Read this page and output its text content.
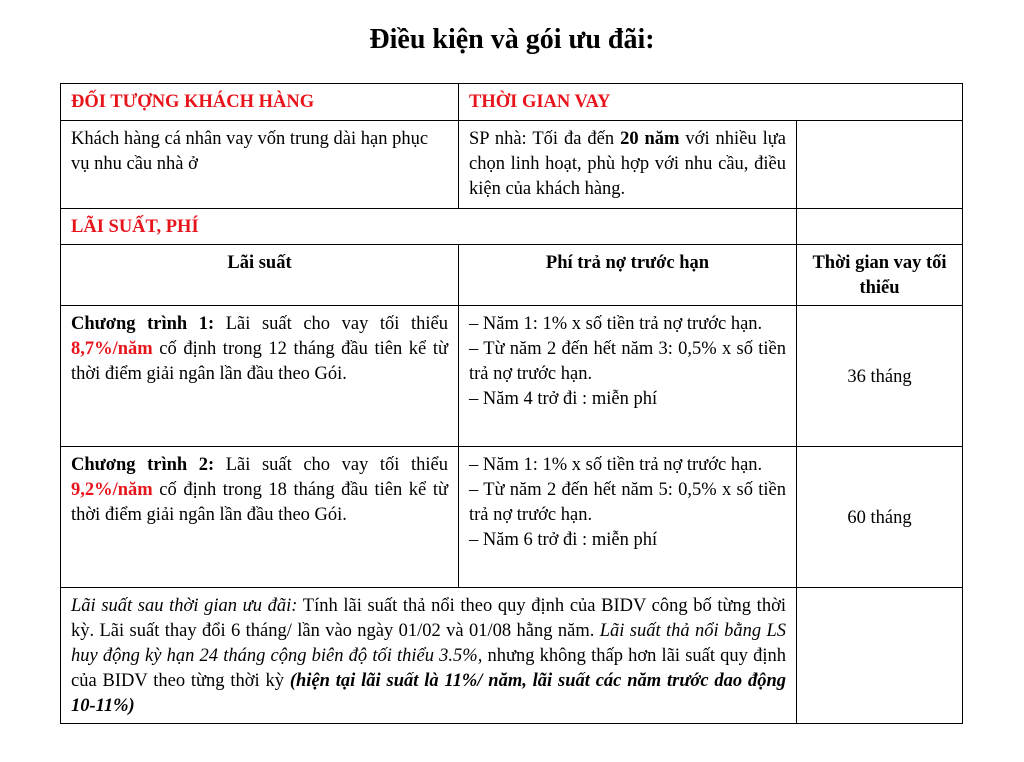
Điều kiện và gói ưu đãi:
ĐỐI TƯỢNG KHÁCH HÀNG	THỜI GIAN VAY	
Khách hàng cá nhân vay vốn trung dài hạn phục vụ nhu cầu nhà ở	SP nhà: Tối đa đến 20 năm với nhiều lựa chọn linh hoạt, phù hợp với nhu cầu, điều kiện của khách hàng.	
LÃI SUẤT, PHÍ		
Lãi suất	Phí trả nợ trước hạn	Thời gian vay tối thiểu
Chương trình 1: Lãi suất cho vay tối thiểu 8,7%/năm cố định trong 12 tháng đầu tiên kể từ thời điểm giải ngân lần đầu theo Gói.	– Năm 1: 1% x số tiền trả nợ trước hạn.
– Từ năm 2 đến hết năm 3: 0,5% x số tiền trả nợ trước hạn.
– Năm 4 trở đi : miễn phí	36 tháng
Chương trình 2: Lãi suất cho vay tối thiểu 9,2%/năm cố định trong 18 tháng đầu tiên kể từ thời điểm giải ngân lần đầu theo Gói.	– Năm 1: 1% x số tiền trả nợ trước hạn.
– Từ năm 2 đến hết năm 5: 0,5% x số tiền trả nợ trước hạn.
– Năm 6 trở đi : miễn phí	60 tháng
Lãi suất sau thời gian ưu đãi: Tính lãi suất thả nổi theo quy định của BIDV công bố từng thời kỳ. Lãi suất thay đổi 6 tháng/ lần vào ngày 01/02 và 01/08 hằng năm. Lãi suất thả nổi bằng LS huy động kỳ hạn 24 tháng cộng biên độ tối thiểu 3.5%, nhưng không thấp hơn lãi suất quy định của BIDV theo từng thời kỳ (hiện tại lãi suất là 11%/ năm, lãi suất các năm trước dao động 10-11%)		
